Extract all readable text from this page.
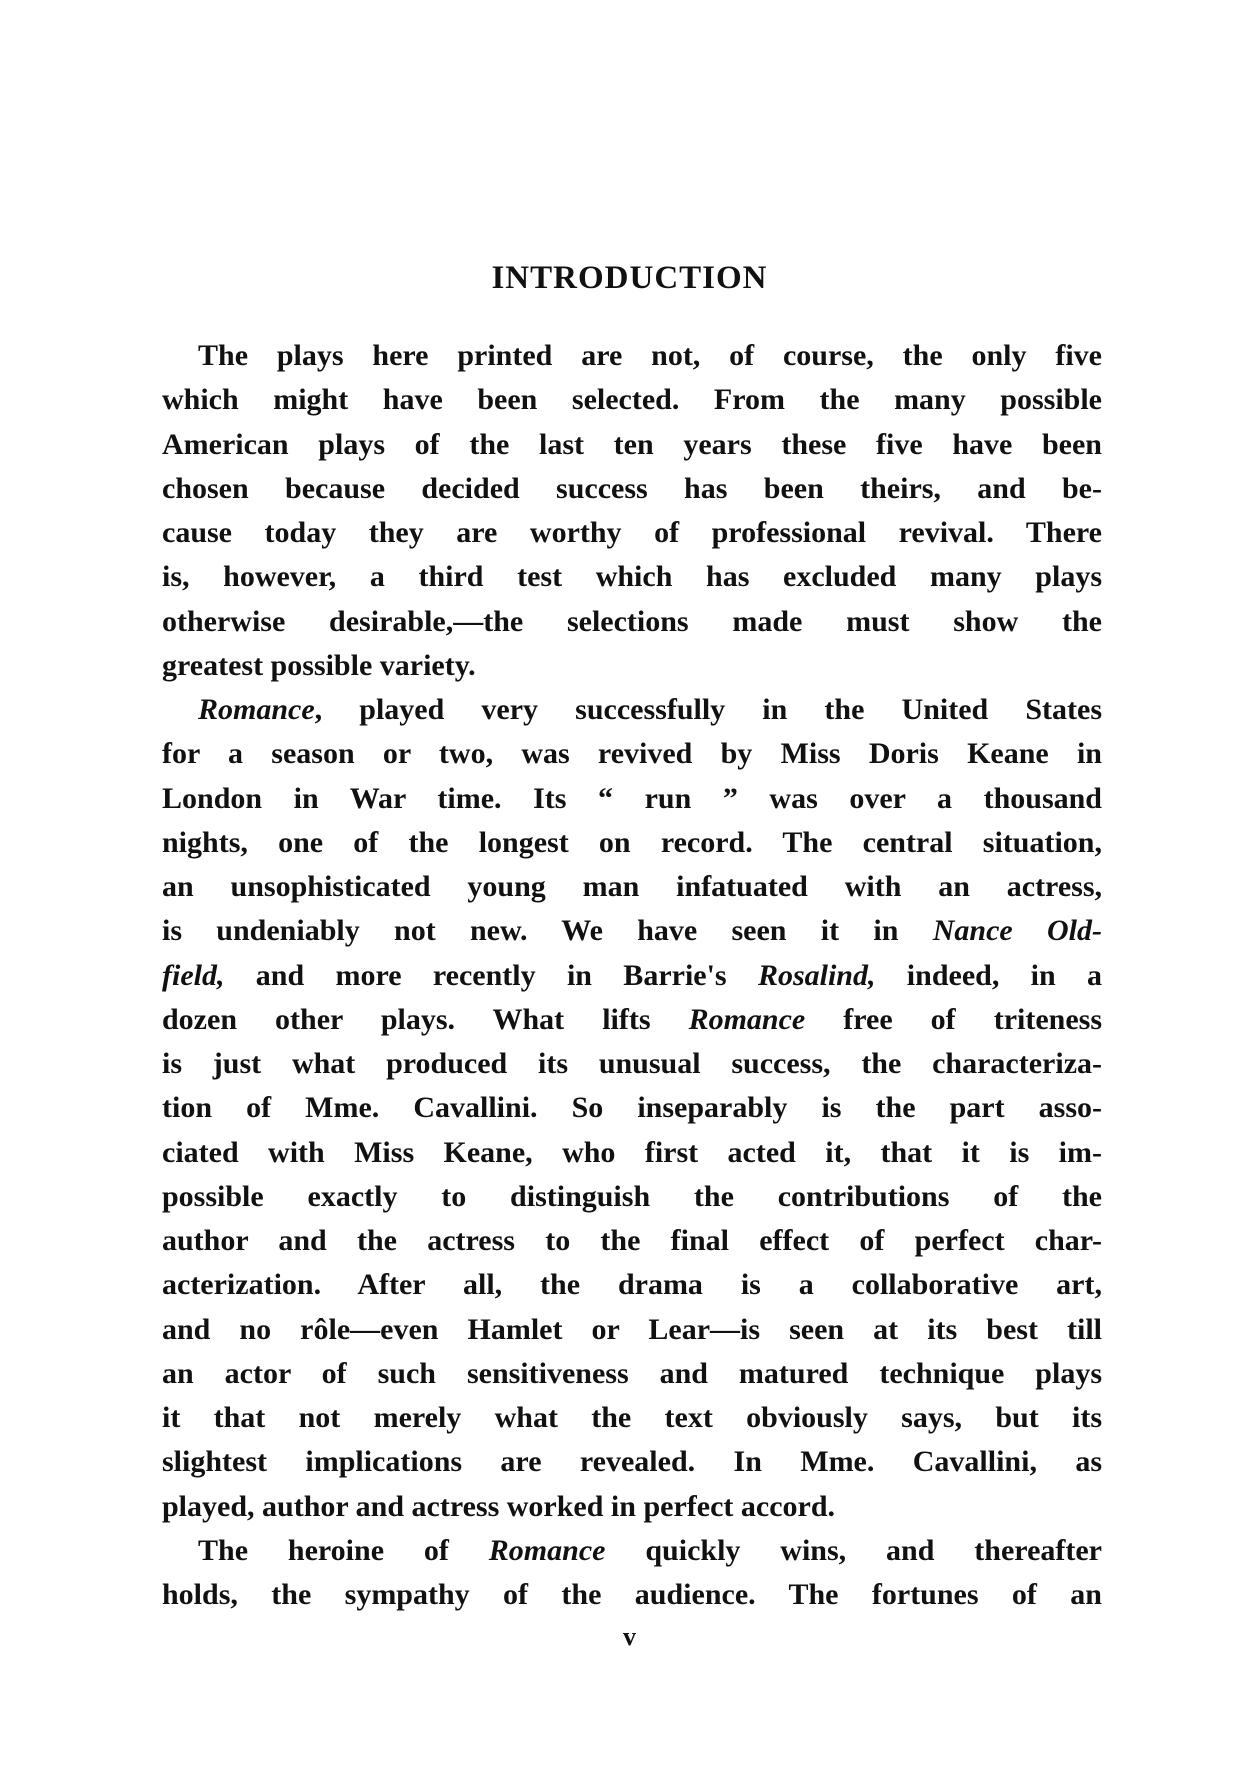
INTRODUCTION
The plays here printed are not, of course, the only five
which might have been selected. From the many possible
American plays of the last ten years these five have been
chosen because decided success has been theirs, and be-
cause today they are worthy of professional revival. There
is, however, a third test which has excluded many plays
otherwise desirable,—the selections made must show the
greatest possible variety.
Romance, played very successfully in the United States
for a season or two, was revived by Miss Doris Keane in
London in War time. Its “ run ” was over a thousand
nights, one of the longest on record. The central situation,
an unsophisticated young man infatuated with an actress,
is undeniably not new. We have seen it in Nance Old-
field, and more recently in Barrie's Rosalind, indeed, in a
dozen other plays. What lifts Romance free of triteness
is just what produced its unusual success, the characteriza-
tion of Mme. Cavallini. So inseparably is the part asso-
ciated with Miss Keane, who first acted it, that it is im-
possible exactly to distinguish the contributions of the
author and the actress to the final effect of perfect char-
acterization. After all, the drama is a collaborative art,
and no rôle—even Hamlet or Lear—is seen at its best till
an actor of such sensitiveness and matured technique plays
it that not merely what the text obviously says, but its
slightest implications are revealed. In Mme. Cavallini, as
played, author and actress worked in perfect accord.
The heroine of Romance quickly wins, and thereafter
holds, the sympathy of the audience. The fortunes of an
v
